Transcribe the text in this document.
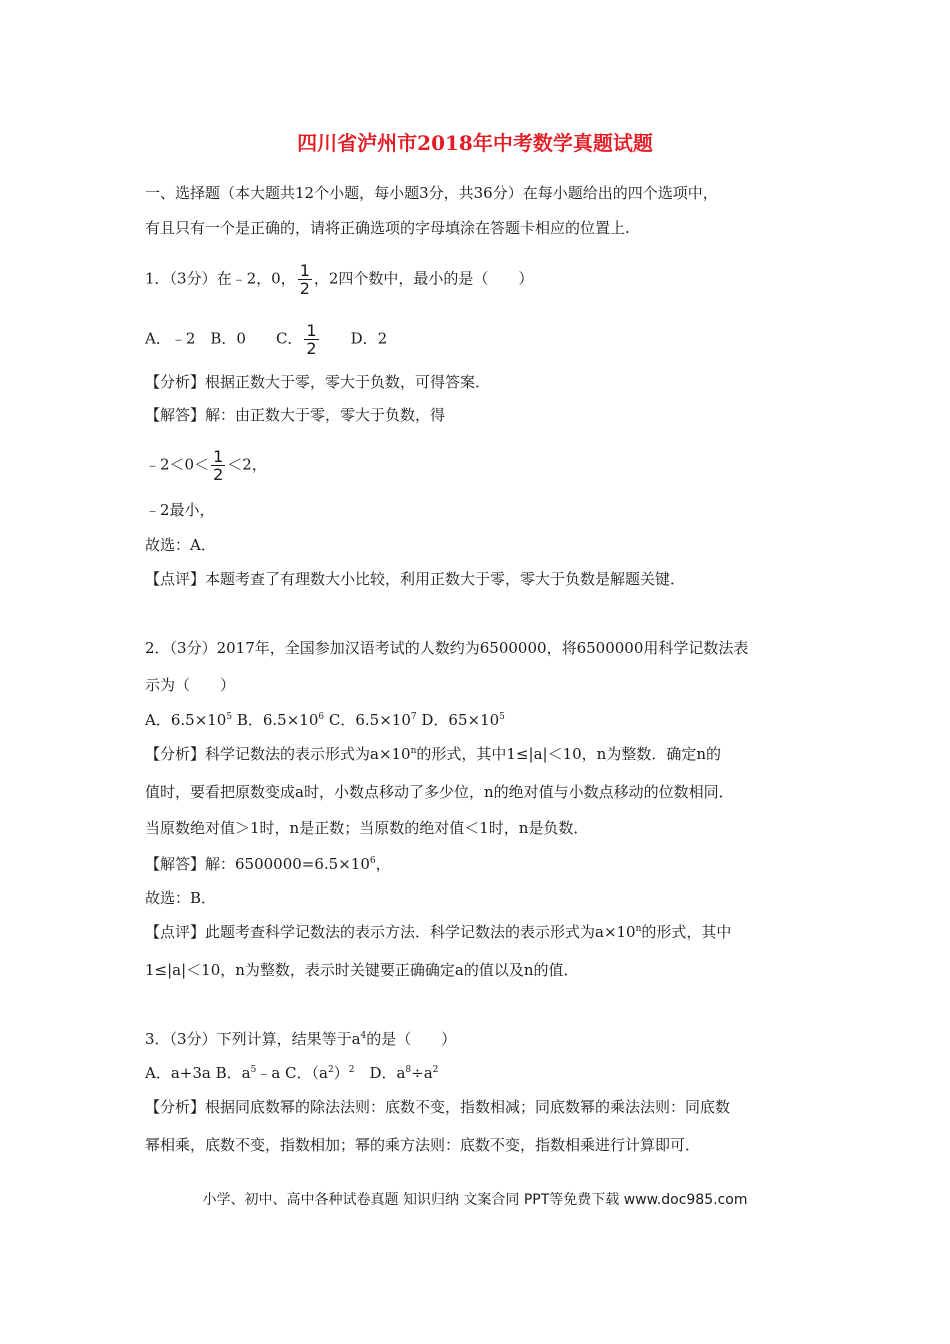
四川省泸州市2018年中考数学真题试题
一、选择题（本大题共12个小题，每小题3分，共36分）在每小题给出的四个选项中，
有且只有一个是正确的，请将正确选项的字母填涂在答题卡相应的位置上.
1．（3分）在﹣2，0， $\frac{1}{2}$ ，2四个数中，最小的是（　　）
A．﹣2　B．0　　C． $\frac{1}{2}$ 　　D．2
【分析】根据正数大于零，零大于负数，可得答案．
【解答】解：由正数大于零，零大于负数，得
﹣2＜0＜ $\frac{1}{2} <2$，
﹣2最小，
故选：A．
【点评】本题考查了有理数大小比较，利用正数大于零，零大于负数是解题关键．
2．（3分）2017年，全国参加汉语考试的人数约为6500000，将6500000用科学记数法表
示为（　　）
A．$6.5\times 10^5$ B．$6.5\times 10^6$ C．$6.5\times 10^7$ D．$65\times 10^5$
【分析】科学记数法的表示形式为$a\times 10^n$的形式，其中1≤|a|＜10，n为整数．确定n的
值时，要看把原数变成a时，小数点移动了多少位，n的绝对值与小数点移动的位数相同．
当原数绝对值＞1时，n是正数；当原数的绝对值＜1时，n是负数．
【解答】解：$6500000=6.5\times 10^6$，
故选：B．
【点评】此题考查科学记数法的表示方法．科学记数法的表示形式为$a\times 10^n$的形式，其中
1≤|a|＜10，n为整数，表示时关键要正确确定a的值以及n的值．
3．（3分）下列计算，结果等于$a^4$的是（　　）
A．a+3a B．$a^5﹣a$ C．$(a^2)^2$　D．$a^8\div a^2$
【分析】根据同底数幂的除法法则：底数不变，指数相减；同底数幂的乘法法则：同底数
幂相乘，底数不变，指数相加；幂的乘方法则：底数不变，指数相乘进行计算即可．
小学、初中、高中各种试卷真题 知识归纳 文案合同 PPT等免费下载 www.doc985.com
